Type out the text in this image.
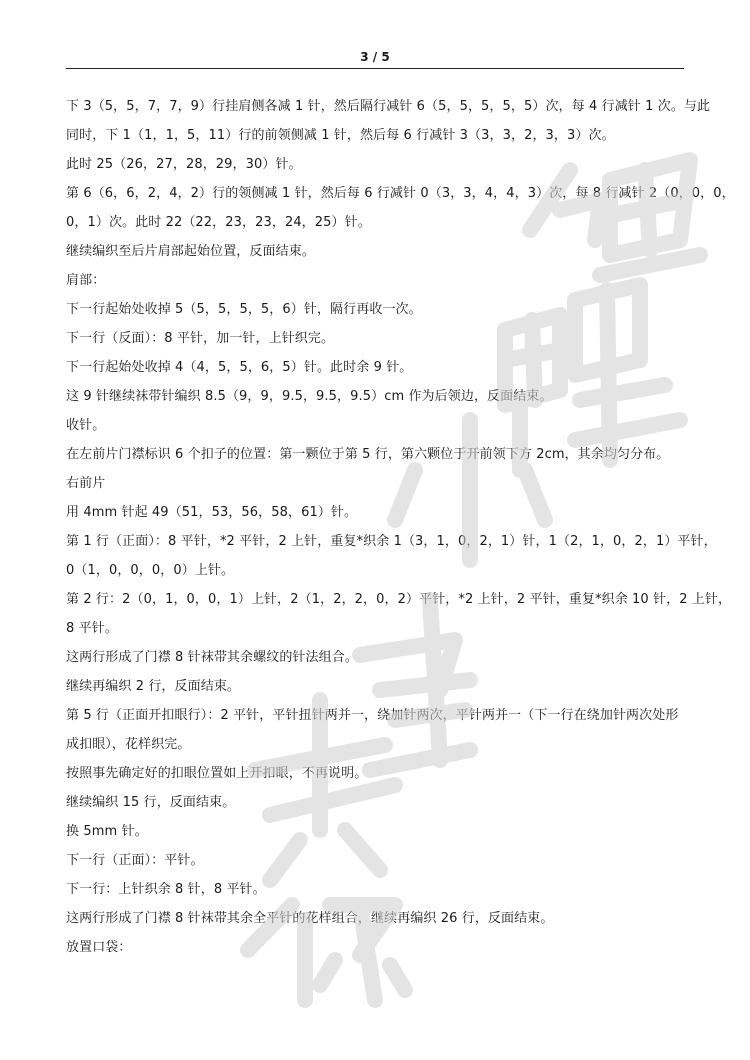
3 / 5

下 3（5，5，7，7，9）行挂肩侧各减 1 针，然后隔行减针 6（5，5，5，5，5）次，每 4 行减针 1 次。与此

同时，下 1（1，1，5，11）行的前领侧减 1 针，然后每 6 行减针 3（3，3，2，3，3）次。

此时 25（26，27，28，29，30）针。

第 6（6，6，2，4，2）行的领侧减 1 针，然后每 6 行减针 0（3，3，4，4，3）次，每 8 行减针 2（0，0，0，

0，1）次。此时 22（22，23，23，24，25）针。

继续编织至后片肩部起始位置，反面结束。

肩部：

下一行起始处收掉 5（5，5，5，5，6）针，隔行再收一次。

下一行（反面）：8 平针，加一针，上针织完。

下一行起始处收掉 4（4，5，5，6，5）针。此时余 9 针。

这 9 针继续袜带针编织 8.5（9，9，9.5，9.5，9.5）cm 作为后领边，反面结束。

收针。

在左前片门襟标识 6 个扣子的位置：第一颗位于第 5 行，第六颗位于开前领下方 2cm，其余均匀分布。

右前片

用 4mm 针起 49（51，53，56，58，61）针。

第 1 行（正面）：8 平针，*2 平针，2 上针，重复*织余 1（3，1，0，2，1）针，1（2，1，0，2，1）平针，

0（1，0，0，0，0）上针。

第 2 行：2（0，1，0，0，1）上针，2（1，2，2，0，2）平针，*2 上针，2 平针，重复*织余 10 针，2 上针，

8 平针。

这两行形成了门襟 8 针袜带其余螺纹的针法组合。

继续再编织 2 行，反面结束。

第 5 行（正面开扣眼行）：2 平针，平针扭针两并一，绕加针两次，平针两并一（下一行在绕加针两次处形

成扣眼），花样织完。

按照事先确定好的扣眼位置如上开扣眼，不再说明。

继续编织 15 行，反面结束。

换 5mm 针。

下一行（正面）：平针。

下一行：上针织余 8 针，8 平针。

这两行形成了门襟 8 针袜带其余全平针的花样组合，继续再编织 26 行，反面结束。

放置口袋：
